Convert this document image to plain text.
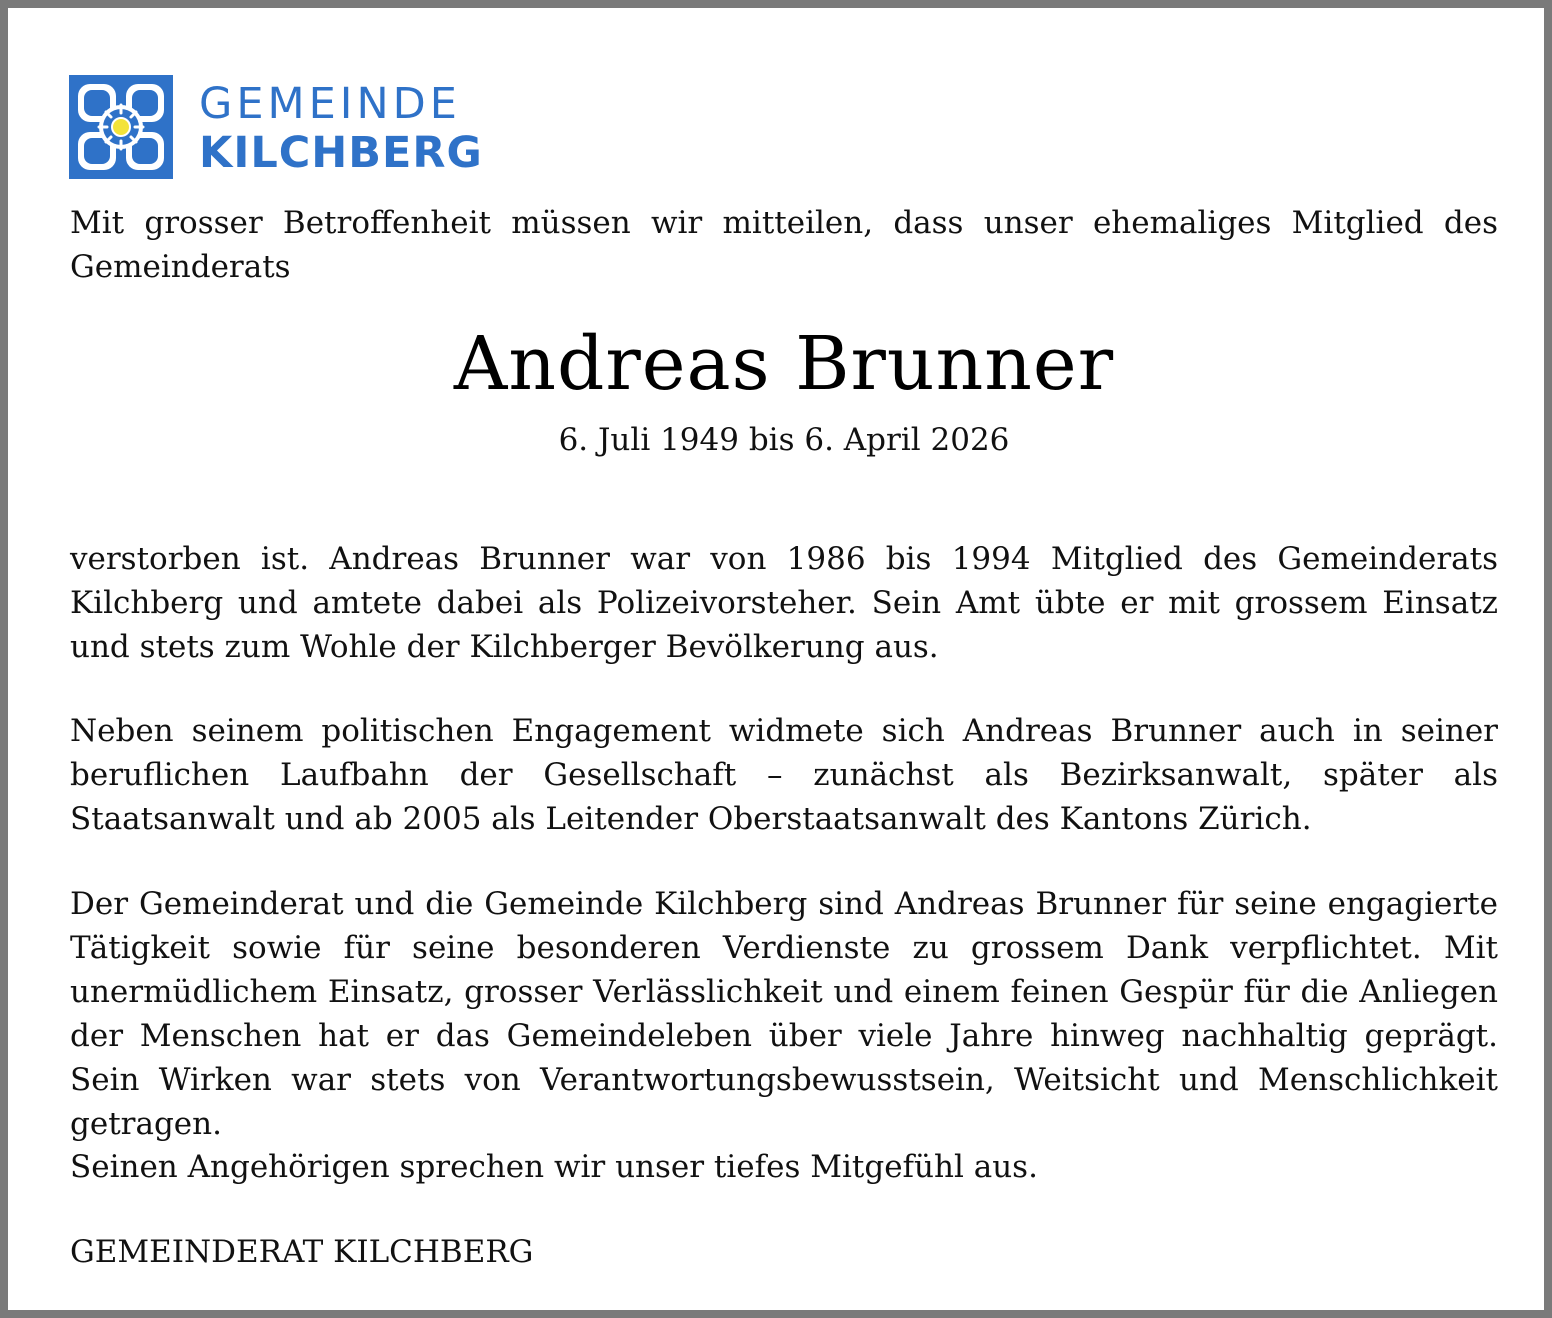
GEMEINDE
KILCHBERG

Mit grosser Betroffenheit müssen wir mitteilen, dass unser ehemaliges Mitglied des Gemeinderats

Andreas Brunner
6. Juli 1949 bis 6. April 2026

verstorben ist. Andreas Brunner war von 1986 bis 1994 Mitglied des Gemeinderats Kilchberg und amtete dabei als Polizeivorsteher. Sein Amt übte er mit grossem Einsatz und stets zum Wohle der Kilchberger Bevölkerung aus.

Neben seinem politischen Engagement widmete sich Andreas Brunner auch in seiner beruflichen Laufbahn der Gesellschaft – zunächst als Bezirksanwalt, später als Staatsanwalt und ab 2005 als Leitender Oberstaatsanwalt des Kantons Zürich.

Der Gemeinderat und die Gemeinde Kilchberg sind Andreas Brunner für seine engagierte Tätigkeit sowie für seine besonderen Verdienste zu grossem Dank verpflichtet. Mit unermüdlichem Einsatz, grosser Verlässlichkeit und einem feinen Gespür für die Anliegen der Menschen hat er das Gemeindeleben über viele Jahre hinweg nachhaltig geprägt. Sein Wirken war stets von Verantwortungsbewusstsein, Weitsicht und Menschlichkeit getragen.

Seinen Angehörigen sprechen wir unser tiefes Mitgefühl aus.

GEMEINDERAT KILCHBERG
